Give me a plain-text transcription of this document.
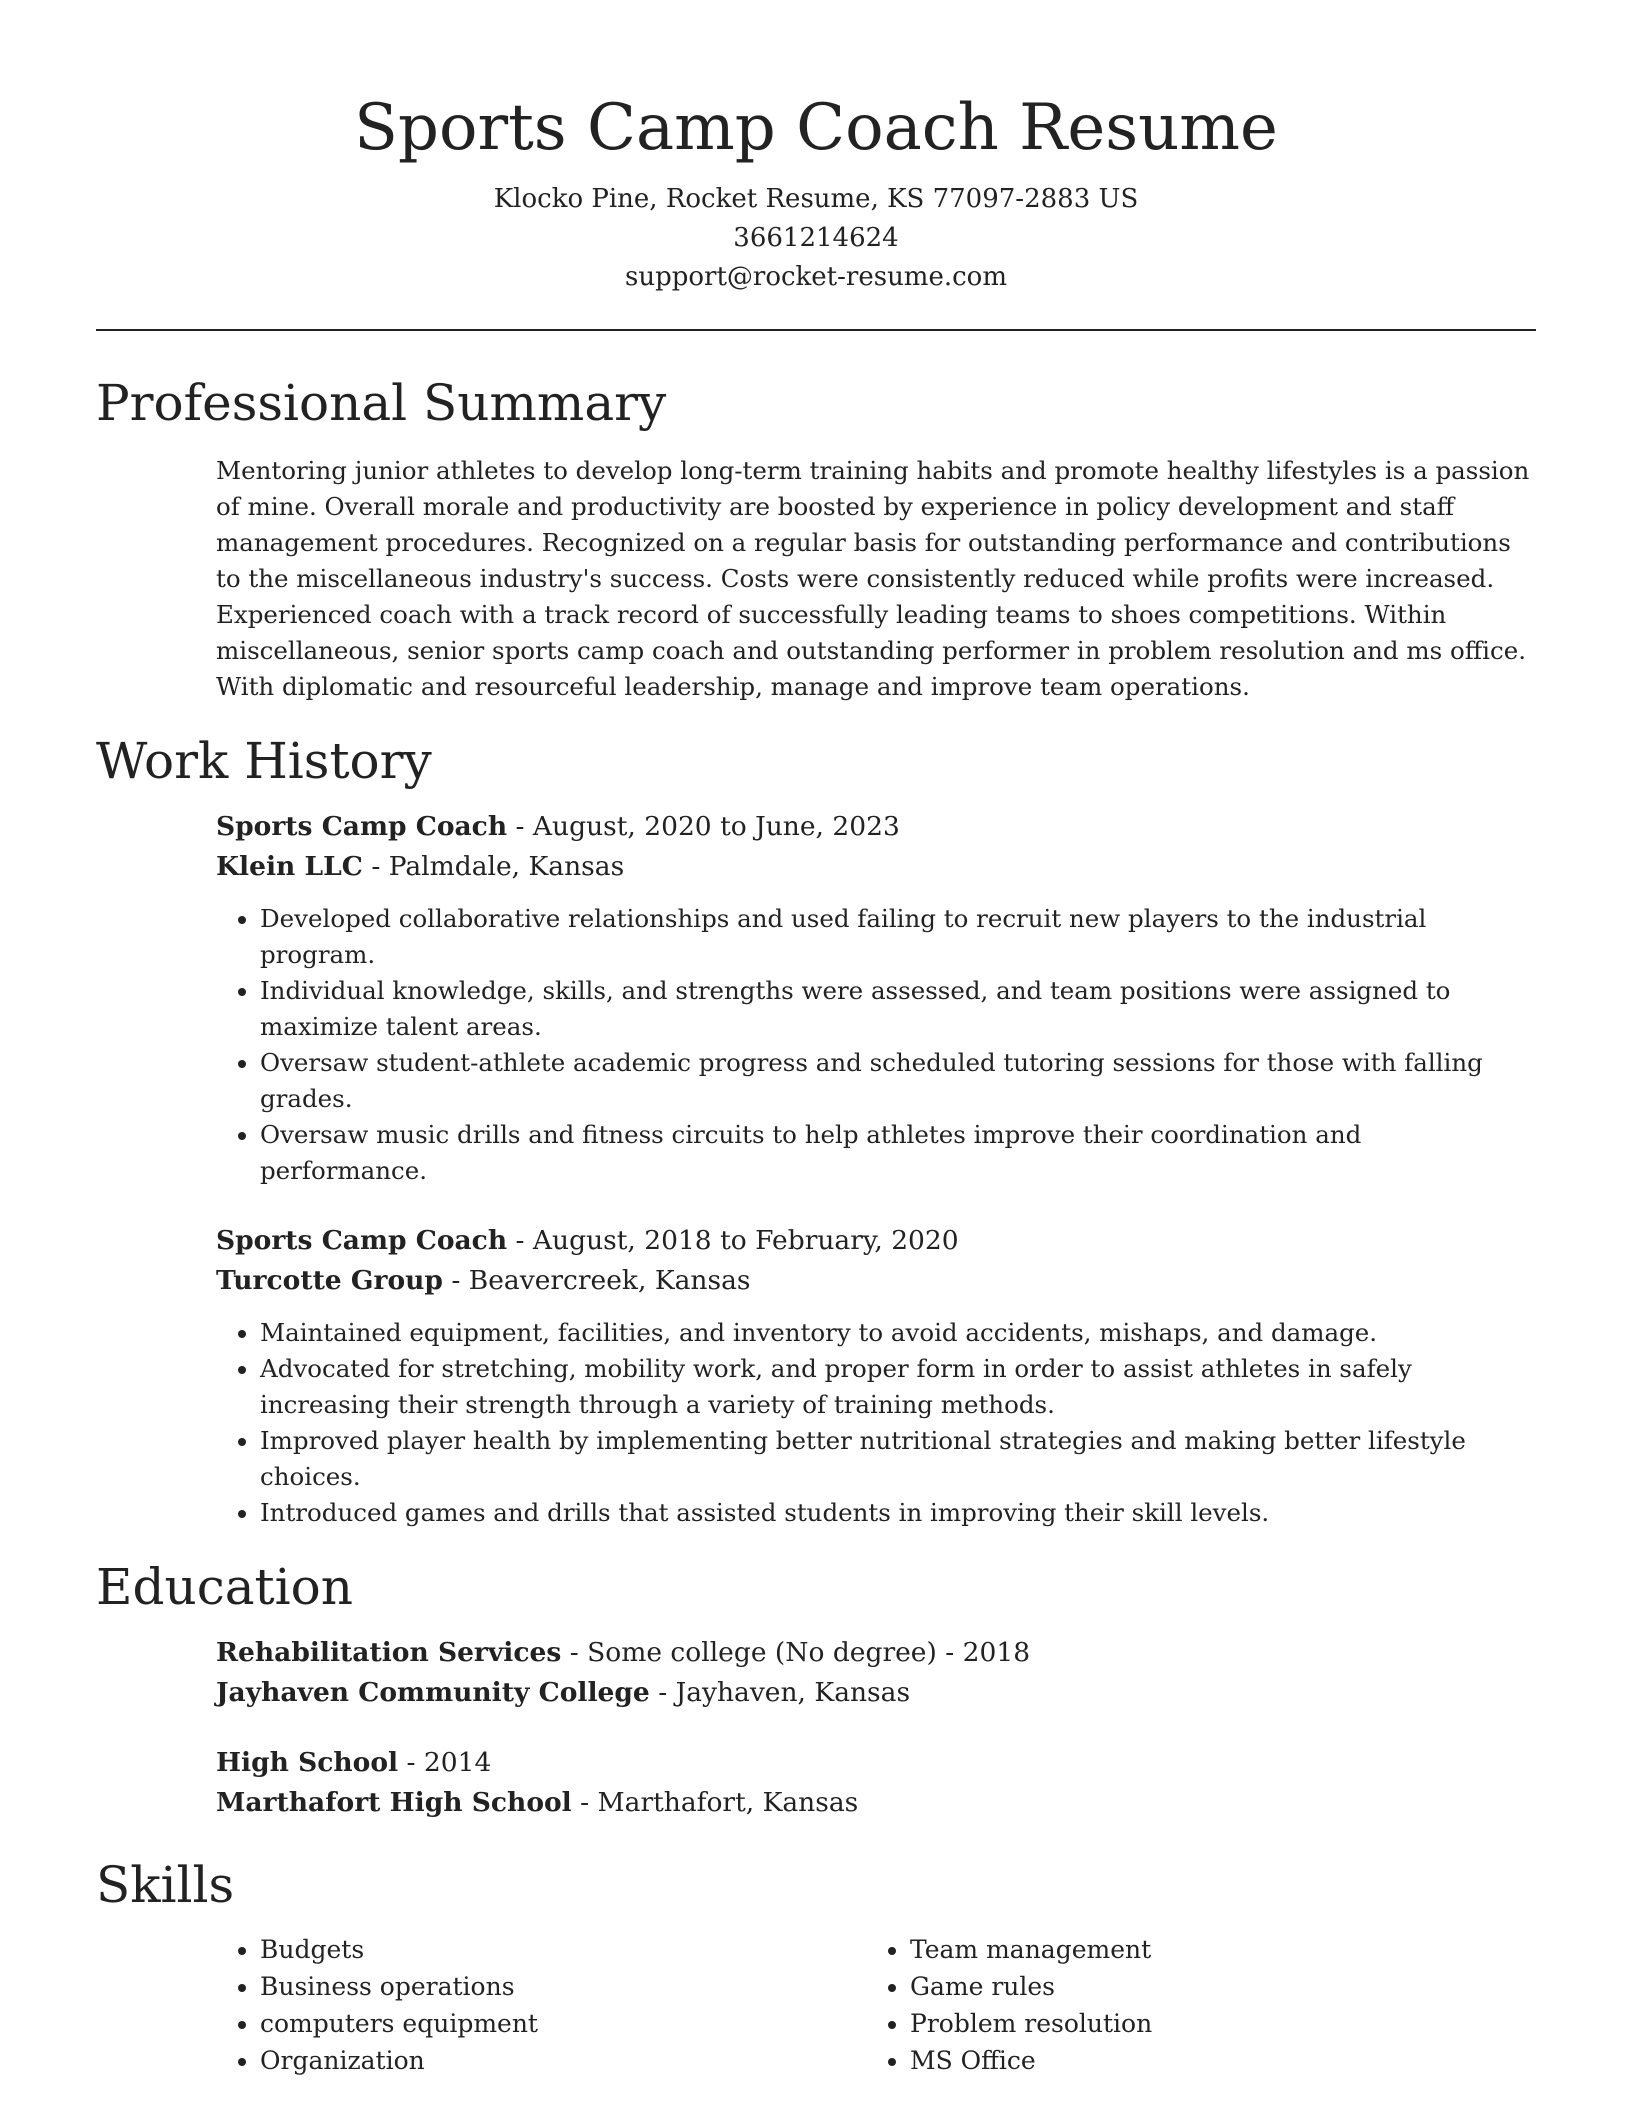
Sports Camp Coach Resume
Klocko Pine, Rocket Resume, KS 77097-2883 US
3661214624
support@rocket-resume.com
Professional Summary

Mentoring junior athletes to develop long-term training habits and promote healthy lifestyles is a passion of mine. Overall morale and productivity are boosted by experience in policy development and staff management procedures. Recognized on a regular basis for outstanding performance and contributions to the miscellaneous industry's success. Costs were consistently reduced while profits were increased. Experienced coach with a track record of successfully leading teams to shoes competitions. Within miscellaneous, senior sports camp coach and outstanding performer in problem resolution and ms office. With diplomatic and resourceful leadership, manage and improve team operations.

Work History
Sports Camp Coach - August, 2020 to June, 2023
Klein LLC - Palmdale, Kansas
• Developed collaborative relationships and used failing to recruit new players to the industrial program.
• Individual knowledge, skills, and strengths were assessed, and team positions were assigned to maximize talent areas.
• Oversaw student-athlete academic progress and scheduled tutoring sessions for those with falling grades.
• Oversaw music drills and fitness circuits to help athletes improve their coordination and performance.
Sports Camp Coach - August, 2018 to February, 2020
Turcotte Group - Beavercreek, Kansas
• Maintained equipment, facilities, and inventory to avoid accidents, mishaps, and damage.
• Advocated for stretching, mobility work, and proper form in order to assist athletes in safely increasing their strength through a variety of training methods.
• Improved player health by implementing better nutritional strategies and making better lifestyle choices.
• Introduced games and drills that assisted students in improving their skill levels.
Education
Rehabilitation Services - Some college (No degree) - 2018
Jayhaven Community College - Jayhaven, Kansas
High School - 2014
Marthafort High School - Marthafort, Kansas
Skills
• Budgets
• Business operations
• computers equipment
• Organization
• Team management
• Game rules
• Problem resolution
• MS Office
